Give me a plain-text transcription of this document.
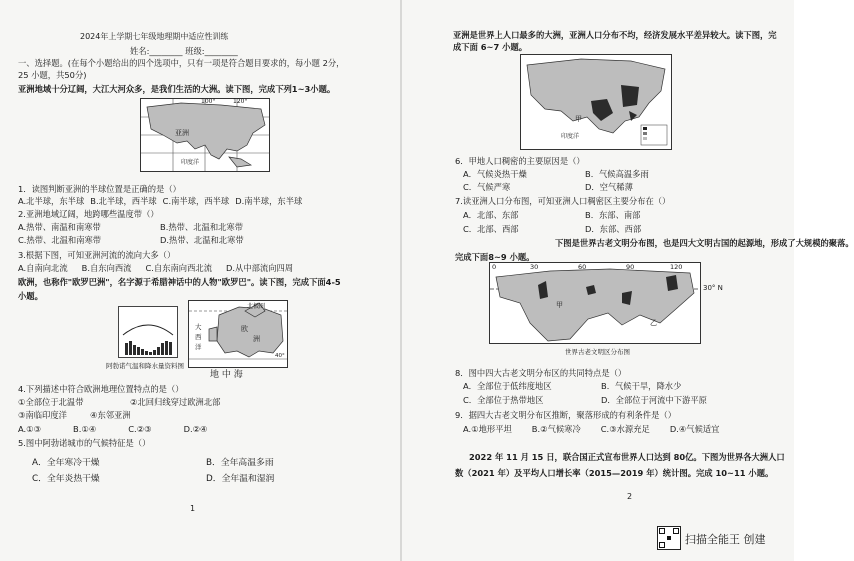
2024年上学期七年级地理期中适应性训练
姓名:________ 班级:________
一、选择题。(在每个小题给出的四个选项中，只有一项是符合题目要求的，每小题 2分，
25 小题，共50分)
亚洲地域十分辽阔，大江大河众多，是我们生活的大洲。读下图，完成下列1~3小题。
亚洲
100°	120°
印度洋
1．读图判断亚洲的半球位置是正确的是（）
A.北半球，东半球 B.北半球，西半球 C.南半球，西半球 D.南半球，东半球
2.亚洲地域辽阔，地跨哪些温度带（）
A.热带、南温和南寒带	B.热带、北温和北寒带
C.热带、北温和南寒带	D.热带、北温和北寒带
3.根据下图，可知亚洲河流的流向大多（）
A.自南向北流 B.自东向西流 C.自东南向西北流 D.从中部流向四周
欧洲，也称作"欧罗巴洲"，名字源于希腊神话中的人物"欧罗巴"。读下图，完成下面4-5
小题。
阿勃诺气温和降水量资料图
北极圈
大
西
洋
欧
洲
40°
地 中 海
4.下列描述中符合欧洲地理位置特点的是（）
①全部位于北温带	②北回归线穿过欧洲北部
③南临印度洋	④东邻亚洲
A.①③	B.①④	C.②③	D.②④
5.图中阿勃诺城市的气候特征是（）
A．全年寒冷干燥	B．全年高温多雨
C．全年炎热干燥	D．全年温和湿润
1
亚洲是世界上人口最多的大洲，亚洲人口分布不均，经济发展水平差异较大。读下图，完
成下面 6~7 小题。
甲
印度洋
6．甲地人口稠密的主要原因是（）
A．气候炎热干燥	B．气候高温多雨
C．气候严寒	D．空气稀薄
7.读亚洲人口分布图，可知亚洲人口稠密区主要分布在（）
A．北部、东部	B．东部、南部
C．北部、西部	D．东部、西部
下图是世界古老文明分布图，也是四大文明古国的起源地，形成了大规模的聚落。
完成下面8~9 小题。
0	30	60	90	120
甲
乙
30° N
世界古老文明区分布图
8．图中四大古老文明分布区的共同特点是（）
A．全部位于低纬度地区	B．气候干旱，降水少
C．全部位于热带地区	D．全部位于河流中下游平原
9．据四大古老文明分布区推断，聚落形成的有利条件是（）
A.①地形平坦 B.②气候寒冷 C.③水源充足 D.④气候适宜
2022 年 11 月 15 日，联合国正式宣布世界人口达到 80亿。下图为世界各大洲人口
数（2021 年）及平均人口增长率（2015—2019 年）统计图。完成 10~11 小题。
2
扫描全能王 创建
